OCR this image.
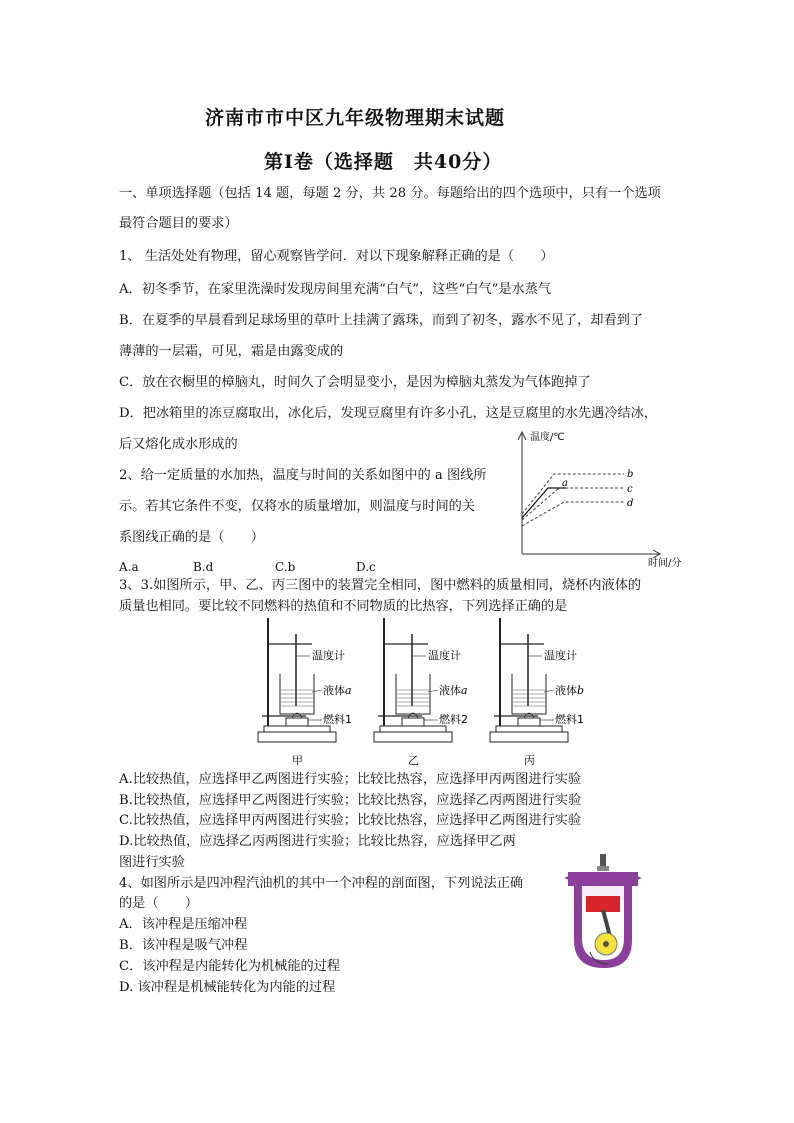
济南市市中区九年级物理期末试题
第Ⅰ卷（选择题　共40分）
一、单项选择题（包括 14 题，每题 2 分，共 28 分。每题给出的四个选项中，只有一个选项
最符合题目的要求）
1、 生活处处有物理，留心观察皆学问．对以下现象解释正确的是（　　）
A．初冬季节，在家里洗澡时发现房间里充满“白气”，这些“白气”是水蒸气
B．在夏季的早晨看到足球场里的草叶上挂满了露珠，而到了初冬，露水不见了，却看到了
薄薄的一层霜，可见，霜是由露变成的
C．放在衣橱里的樟脑丸，时间久了会明显变小，是因为樟脑丸蒸发为气体跑掉了
D．把冰箱里的冻豆腐取出，冰化后，发现豆腐里有许多小孔，这是豆腐里的水先遇冷结冰，
后又熔化成水形成的
2、给一定质量的水加热，温度与时间的关系如图中的 a 图线所
示。若其它条件不变，仅将水的质量增加，则温度与时间的关
系图线正确的是（　　）
A.a	B.d	C.b	D.c
温度/℃
时间/分
b
a
c
d
3、3.如图所示，甲、乙、丙三图中的装置完全相同，图中燃料的质量相同，烧杯内液体的
质量也相同。要比较不同燃料的热值和不同物质的比热容，下列选择正确的是
温度计
液体a
燃料1
甲
温度计
液体a
燃料2
乙
温度计
液体b
燃料1
丙
A.比较热值，应选择甲乙两图进行实验；比较比热容，应选择甲丙两图进行实验
B.比较热值，应选择甲乙两图进行实验；比较比热容，应选择乙丙两图进行实验
C.比较热值，应选择甲丙两图进行实验；比较比热容，应选择甲乙两图进行实验
D.比较热值，应选择乙丙两图进行实验；比较比热容，应选择甲乙两
图进行实验
4、如图所示是四冲程汽油机的其中一个冲程的剖面图，下列说法正确
的是（　　）
A．该冲程是压缩冲程
B．该冲程是吸气冲程
C．该冲程是内能转化为机械能的过程
D. 该冲程是机械能转化为内能的过程
